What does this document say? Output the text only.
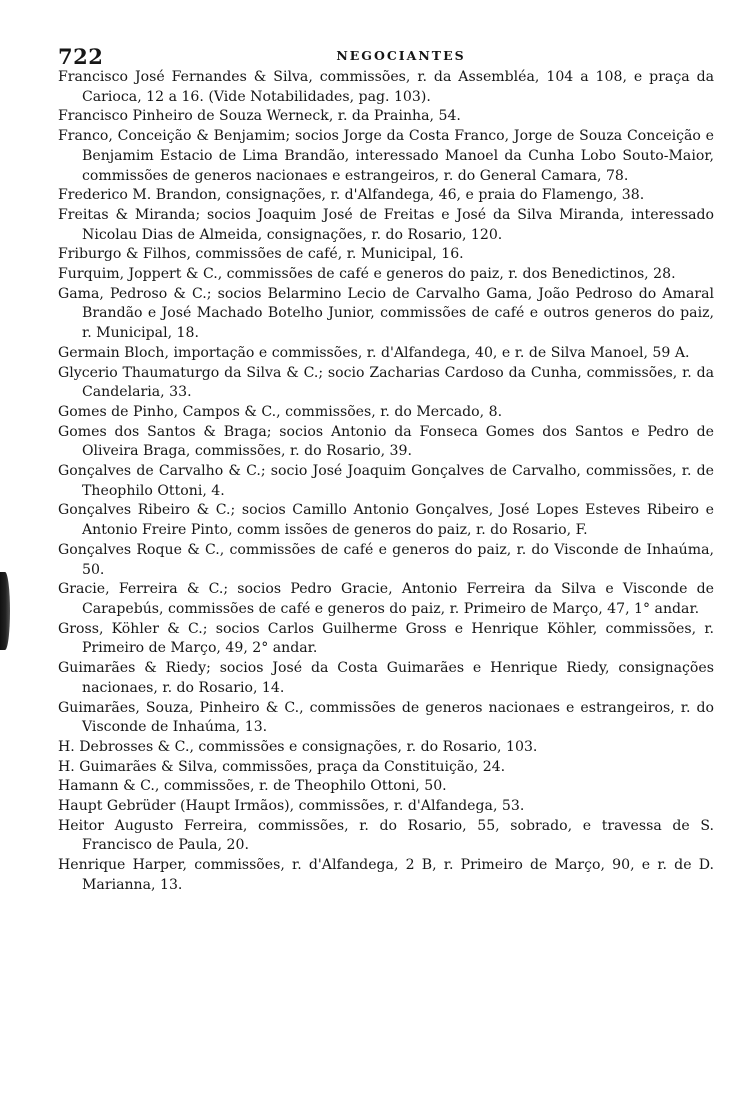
722	NEGOCIANTES

Francisco José Fernandes & Silva, commissões, r. da Assembléa, 104 a 108, e praça da Carioca, 12 a 16. (Vide Notabilidades, pag. 103).

Francisco Pinheiro de Souza Werneck, r. da Prainha, 54.

Franco, Conceição & Benjamim; socios Jorge da Costa Franco, Jorge de Souza Conceição e Benjamim Estacio de Lima Brandão, interessado Manoel da Cunha Lobo Souto-Maior, commissões de generos nacionaes e estrangeiros, r. do General Camara, 78.

Frederico M. Brandon, consignações, r. d'Alfandega, 46, e praia do Flamengo, 38.

Freitas & Miranda; socios Joaquim José de Freitas e José da Silva Miranda, interessado Nicolau Dias de Almeida, consignações, r. do Rosario, 120.

Friburgo & Filhos, commissões de café, r. Municipal, 16.

Furquim, Joppert & C., commissões de café e generos do paiz, r. dos Benedictinos, 28.

Gama, Pedroso & C.; socios Belarmino Lecio de Carvalho Gama, João Pedroso do Amaral Brandão e José Machado Botelho Junior, commissões de café e outros generos do paiz, r. Municipal, 18.

Germain Bloch, importação e commissões, r. d'Alfandega, 40, e r. de Silva Manoel, 59 A.

Glycerio Thaumaturgo da Silva & C.; socio Zacharias Cardoso da Cunha, commissões, r. da Candelaria, 33.

Gomes de Pinho, Campos & C., commissões, r. do Mercado, 8.

Gomes dos Santos & Braga; socios Antonio da Fonseca Gomes dos Santos e Pedro de Oliveira Braga, commissões, r. do Rosario, 39.

Gonçalves de Carvalho & C.; socio José Joaquim Gonçalves de Carvalho, commissões, r. de Theophilo Ottoni, 4.

Gonçalves Ribeiro & C.; socios Camillo Antonio Gonçalves, José Lopes Esteves Ribeiro e Antonio Freire Pinto, comm issões de generos do paiz, r. do Rosario, F.

Gonçalves Roque & C., commissões de café e generos do paiz, r. do Visconde de Inhaúma, 50.

Gracie, Ferreira & C.; socios Pedro Gracie, Antonio Ferreira da Silva e Visconde de Carapebús, commissões de café e generos do paiz, r. Primeiro de Março, 47, 1° andar.

Gross, Köhler & C.; socios Carlos Guilherme Gross e Henrique Köhler, commissões, r. Primeiro de Março, 49, 2° andar.

Guimarães & Riedy; socios José da Costa Guimarães e Henrique Riedy, consignações nacionaes, r. do Rosario, 14.

Guimarães, Souza, Pinheiro & C., commissões de generos nacionaes e estrangeiros, r. do Visconde de Inhaúma, 13.

H. Debrosses & C., commissões e consignações, r. do Rosario, 103.

H. Guimarães & Silva, commissões, praça da Constituição, 24.

Hamann & C., commissões, r. de Theophilo Ottoni, 50.

Haupt Gebrüder (Haupt Irmãos), commissões, r. d'Alfandega, 53.

Heitor Augusto Ferreira, commissões, r. do Rosario, 55, sobrado, e travessa de S. Francisco de Paula, 20.

Henrique Harper, commissões, r. d'Alfandega, 2 B, r. Primeiro de Março, 90, e r. de D. Marianna, 13.
